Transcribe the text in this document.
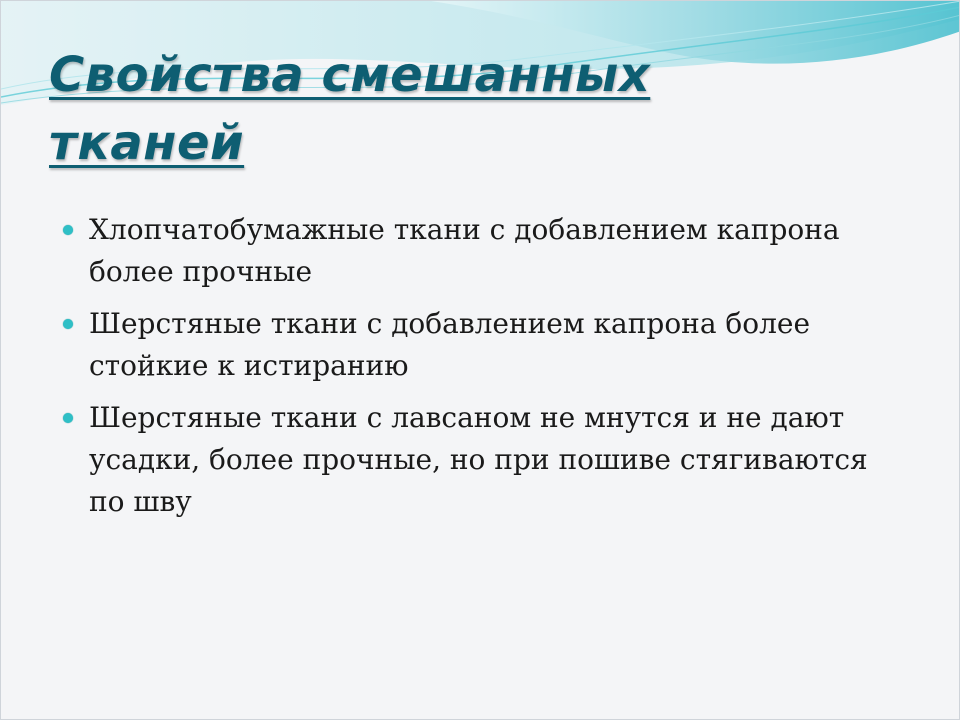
Свойства смешанных тканей
Хлопчатобумажные ткани с добавлением капрона более прочные
Шерстяные ткани с добавлением капрона более стойкие к истиранию
Шерстяные ткани с лавсаном не мнутся и не дают усадки, более прочные, но при пошиве стягиваются по шву
